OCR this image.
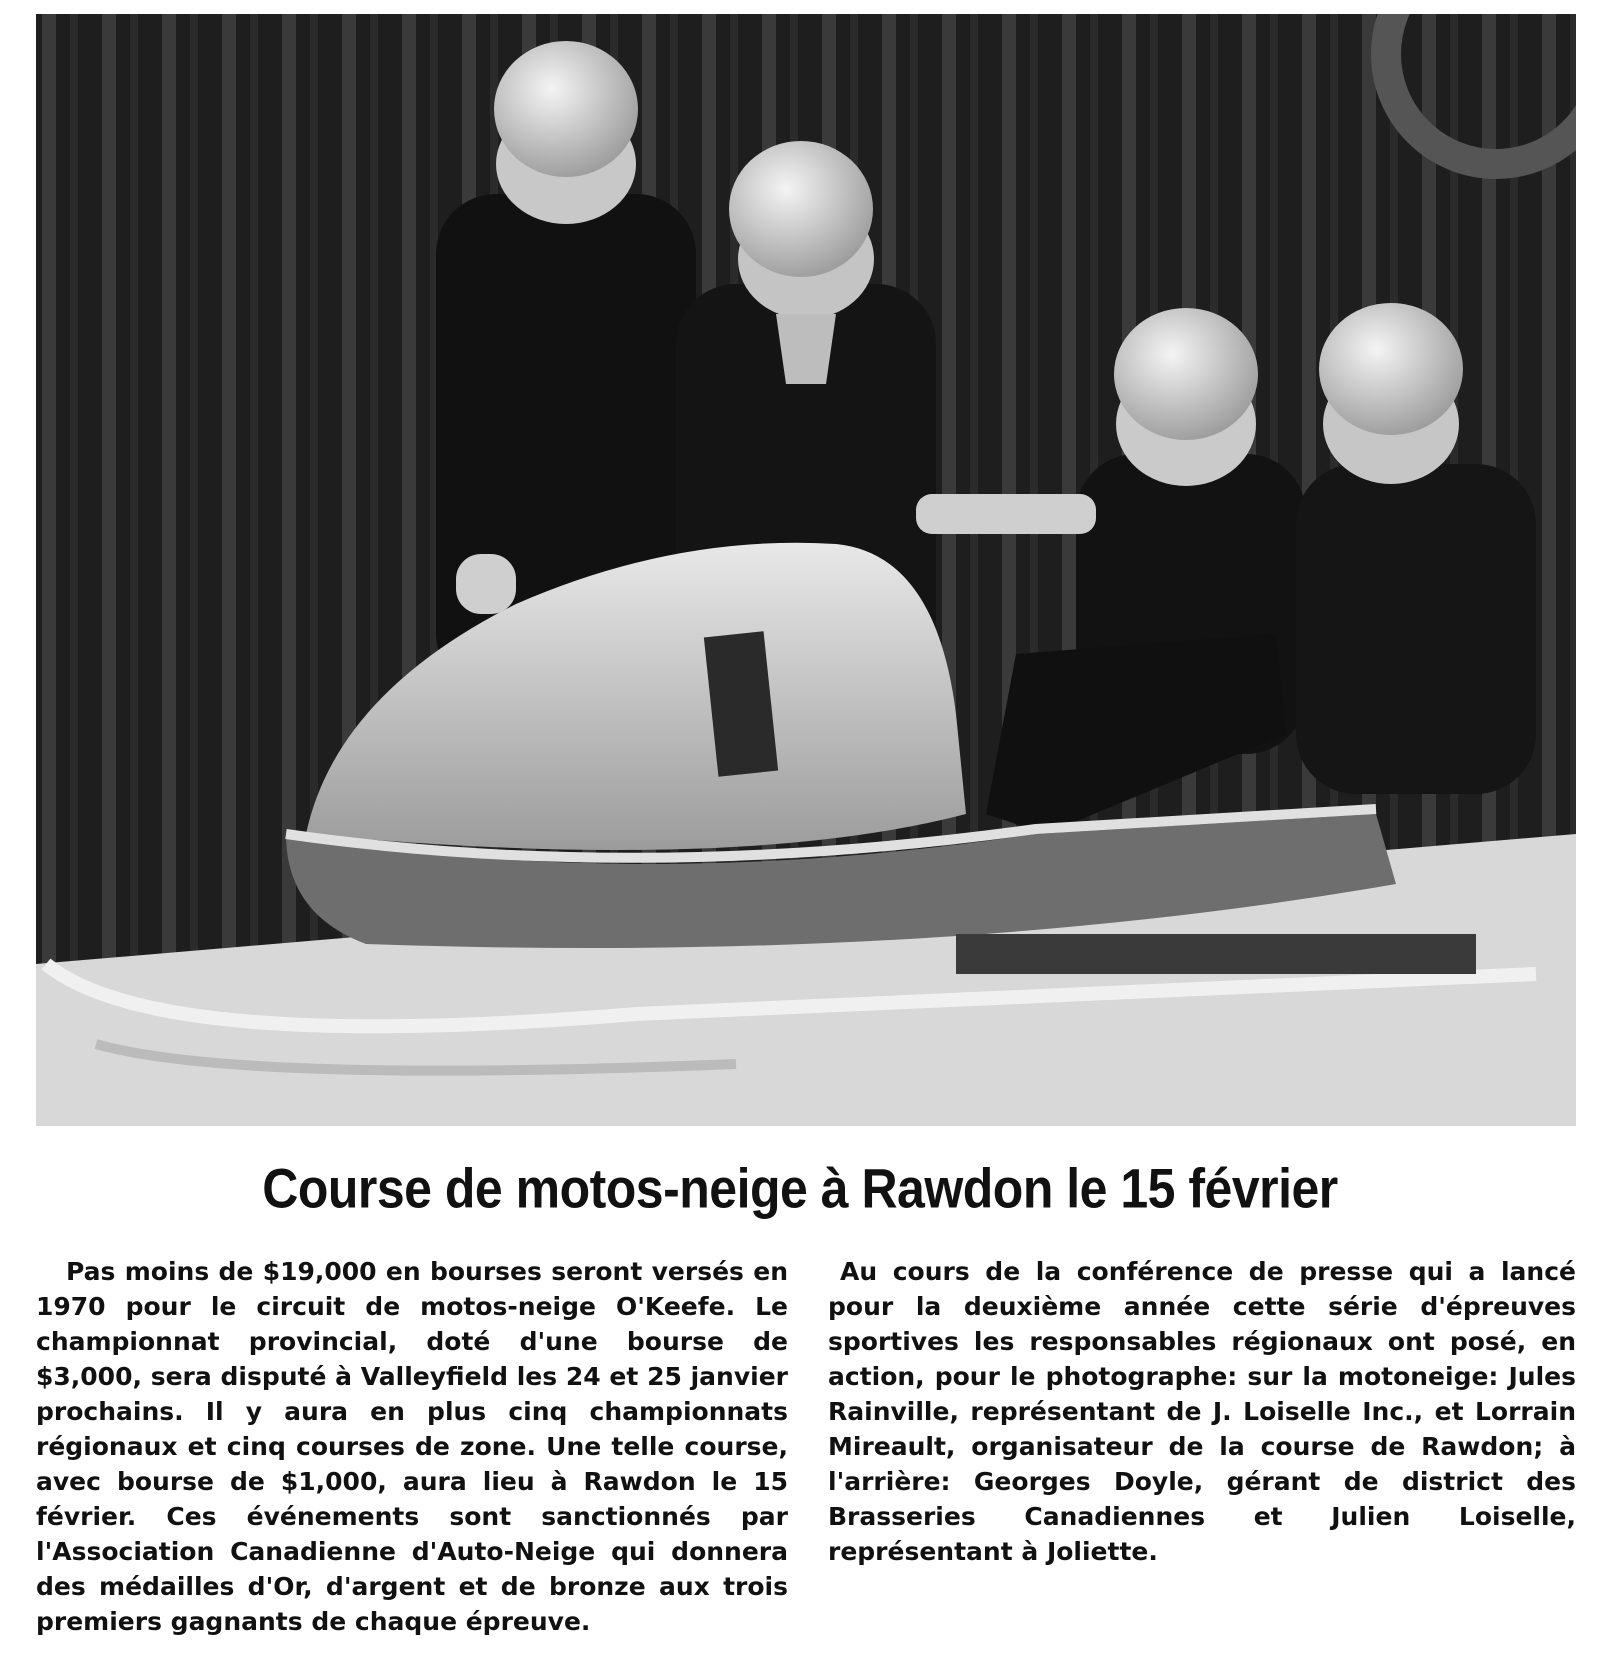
Course de motos-neige à Rawdon le 15 février

Pas moins de $19,000 en bourses seront versés en 1970 pour le circuit de motos-neige O'Keefe. Le championnat provincial, doté d'une bourse de $3,000, sera disputé à Valleyfield les 24 et 25 janvier prochains. Il y aura en plus cinq championnats régionaux et cinq courses de zone. Une telle course, avec bourse de $1,000, aura lieu à Rawdon le 15 février. Ces événements sont sanctionnés par l'Association Canadienne d'Auto-Neige qui donnera des médailles d'Or, d'argent et de bronze aux trois premiers gagnants de chaque épreuve.

Au cours de la conférence de presse qui a lancé pour la deuxième année cette série d'épreuves sportives les responsables régionaux ont posé, en action, pour le photographe: sur la motoneige: Jules Rainville, représentant de J. Loiselle Inc., et Lorrain Mireault, organisateur de la course de Rawdon; à l'arrière: Georges Doyle, gérant de district des Brasseries Canadiennes et Julien Loiselle, représentant à Joliette.
